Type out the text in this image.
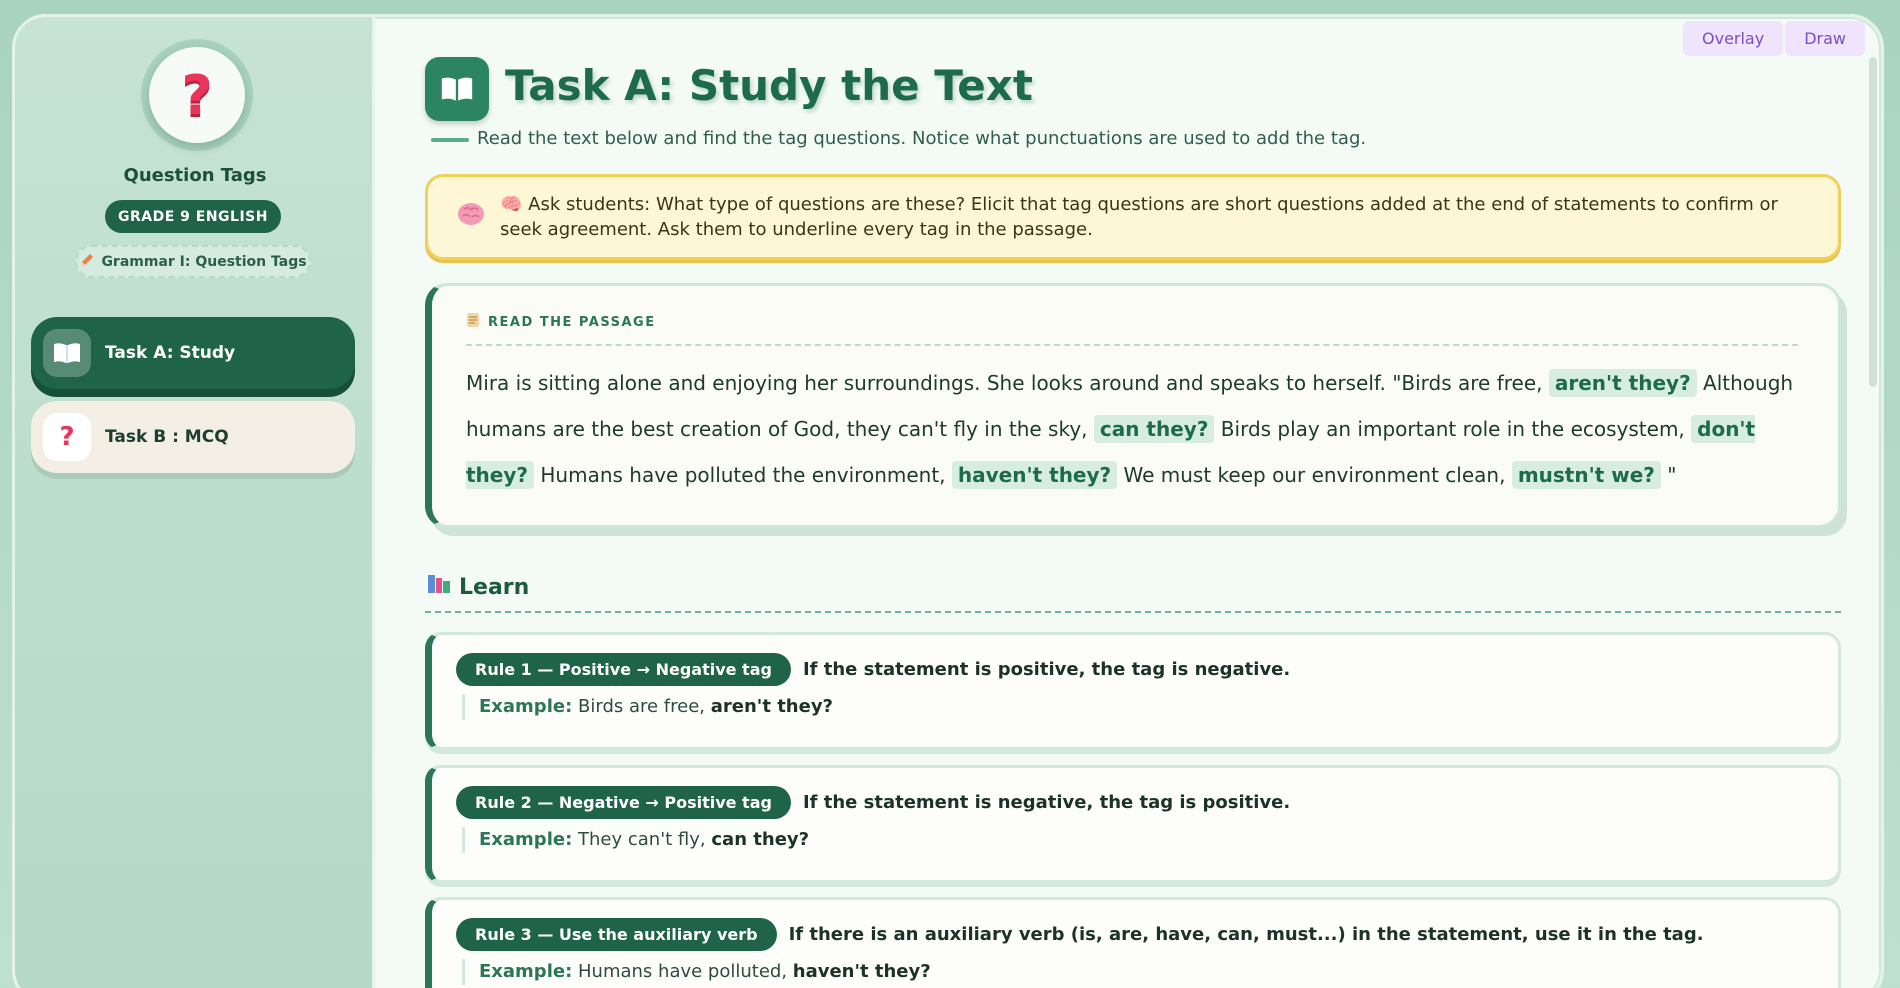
Overlay	Draw
?
Question Tags
GRADE 9 ENGLISH
Grammar I: Question Tags
Task A: Study
?	Task B : MCQ
Task A: Study the Text

Read the text below and find the tag questions. Notice what punctuations are used to add the tag.

🧠 Ask students: What type of questions are these? Elicit that tag questions are short questions added at the end of statements to confirm or seek agreement. Ask them to underline every tag in the passage.
READ THE PASSAGE

Mira is sitting alone and enjoying her surroundings. She looks around and speaks to herself. "Birds are free, aren't they? Although humans are the best creation of God, they can't fly in the sky, can they? Birds play an important role in the ecosystem, don't they? Humans have polluted the environment, haven't they? We must keep our environment clean, mustn't we? "

Learn
Rule 1 — Positive → Negative tag	If the statement is positive, the tag is negative.
Example: Birds are free, aren't they?
Rule 2 — Negative → Positive tag	If the statement is negative, the tag is positive.
Example: They can't fly, can they?
Rule 3 — Use the auxiliary verb	If there is an auxiliary verb (is, are, have, can, must...) in the statement, use it in the tag.
Example: Humans have polluted, haven't they?
